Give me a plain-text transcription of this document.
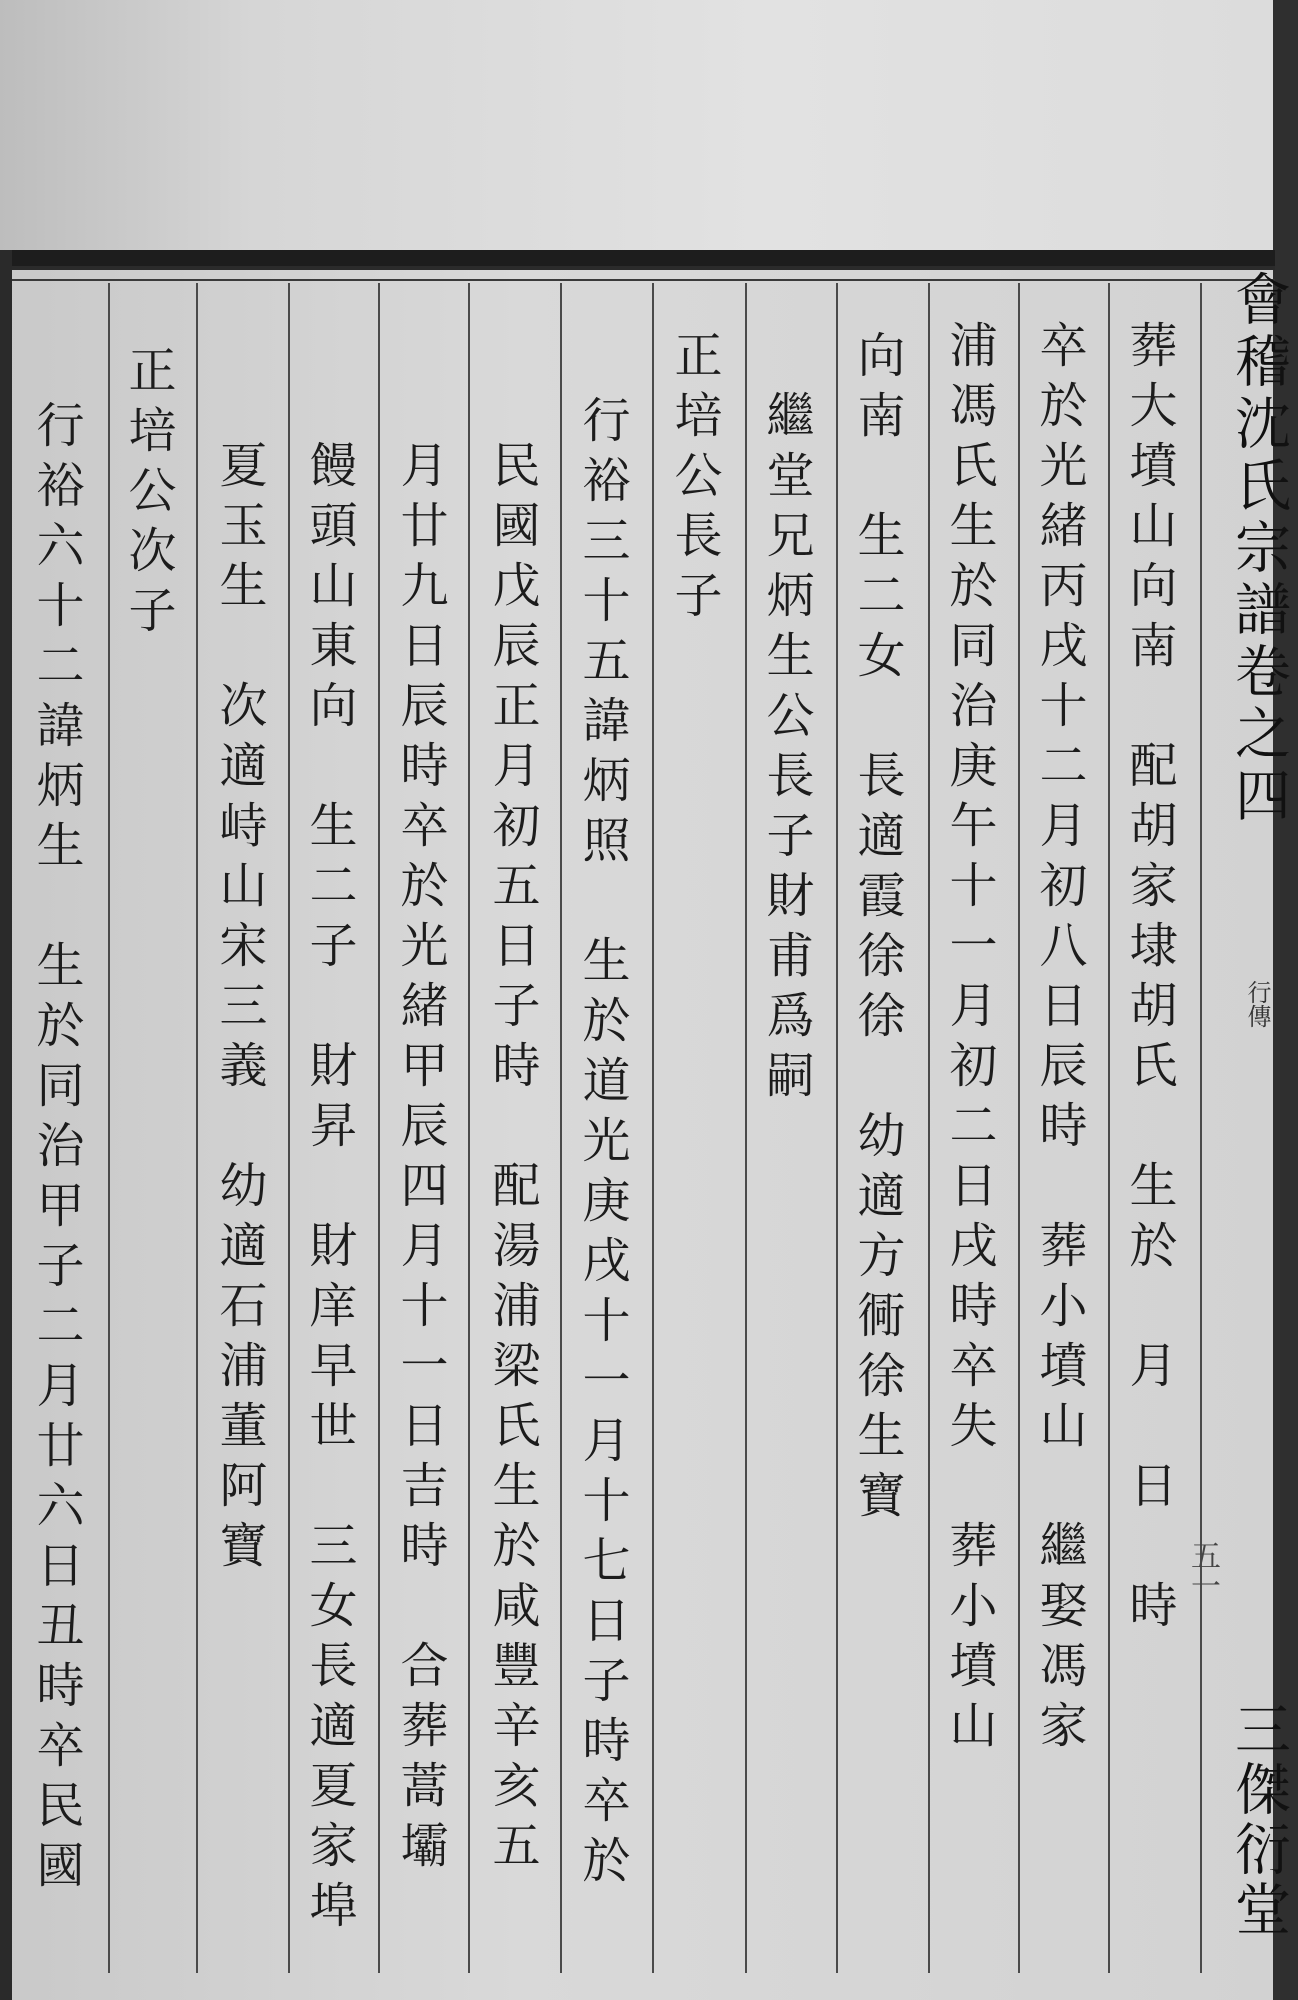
會稽沈氏宗譜卷之四
行傳
五一
三傑衍堂
葬大墳山向南　配胡家埭胡氏　生於　月　日　時
卒於光緒丙戌十二月初八日辰時　葬小墳山　繼娶馮家
浦馮氏生於同治庚午十一月初二日戌時卒失　葬小墳山
向南　生二女　長適霞徐徐　幼適方衕徐生寶
繼堂兄炳生公長子財甫爲嗣
正培公長子
行裕三十五諱炳照　生於道光庚戌十一月十七日子時卒於
民國戊辰正月初五日子時　配湯浦梁氏生於咸豐辛亥五
月廿九日辰時卒於光緒甲辰四月十一日吉時　合葬蒿壩
饅頭山東向　生二子　財昇　財庠早世　三女長適夏家埠
夏玉生　次適峙山宋三義　幼適石浦董阿寶
正培公次子
行裕六十二諱炳生　生於同治甲子二月廿六日丑時卒民國
